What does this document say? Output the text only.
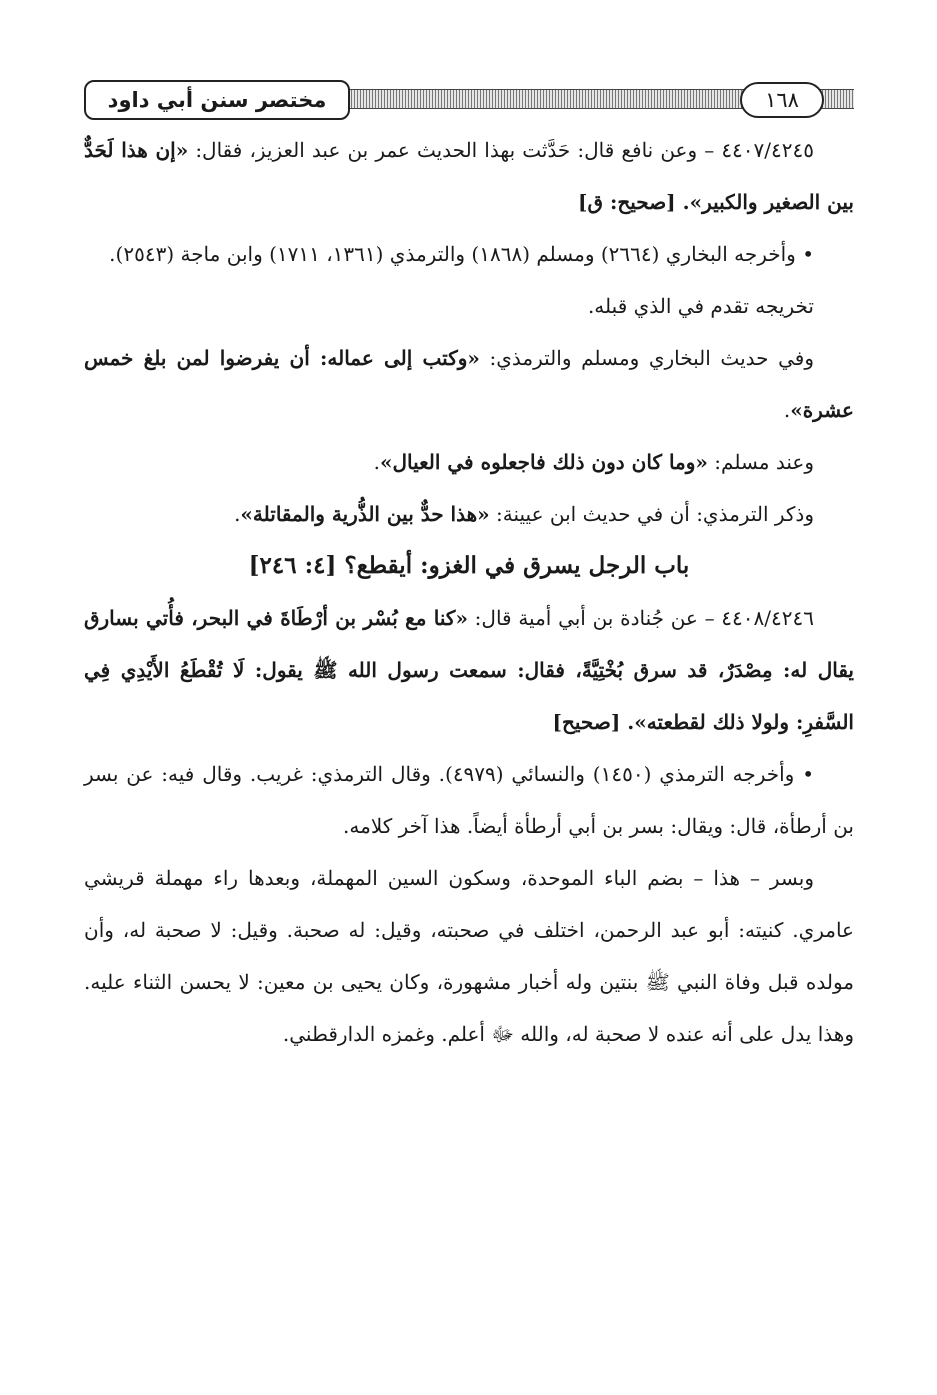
مختصر سنن أبي داود	١٦٨

٤٤٠٧/٤٢٤٥ – وعن نافع قال: حَدَّثت بهذا الحديث عمر بن عبد العزيز، فقال: «إن هذا لَحَدٌّ بين الصغير والكبير». [صحيح: ق]

• وأخرجه البخاري (٢٦٦٤) ومسلم (١٨٦٨) والترمذي (١٣٦١، ١٧١١) وابن ماجة (٢٥٤٣).

تخريجه تقدم في الذي قبله.

وفي حديث البخاري ومسلم والترمذي: «وكتب إلى عماله: أن يفرضوا لمن بلغ خمس عشرة».

وعند مسلم: «وما كان دون ذلك فاجعلوه في العيال».

وذكر الترمذي: أن في حديث ابن عيينة: «هذا حدٌّ بين الذُّرية والمقاتلة».

باب الرجل يسرق في الغزو: أيقطع؟ [٤: ٢٤٦]

٤٤٠٨/٤٢٤٦ – عن جُنادة بن أبي أمية قال: «كنا مع بُسْر بن أرْطَاةَ في البحر، فأُتي بسارق يقال له: مِصْدَرٌ، قد سرق بُخْتِيَّةً، فقال: سمعت رسول الله ﷺ يقول: لَا تُقْطَعُ الأَيْدِي فِي السَّفرِ: ولولا ذلك لقطعته». [صحيح]

• وأخرجه الترمذي (١٤٥٠) والنسائي (٤٩٧٩). وقال الترمذي: غريب. وقال فيه: عن بسر بن أرطأة، قال: ويقال: بسر بن أبي أرطأة أيضاً. هذا آخر كلامه.

وبسر – هذا – بضم الباء الموحدة، وسكون السين المهملة، وبعدها راء مهملة قريشي عامري. كنيته: أبو عبد الرحمن، اختلف في صحبته، وقيل: له صحبة. وقيل: لا صحبة له، وأن مولده قبل وفاة النبي ﷺ بنتين وله أخبار مشهورة، وكان يحيى بن معين: لا يحسن الثناء عليه. وهذا يدل على أنه عنده لا صحبة له، والله ﷻ أعلم. وغمزه الدارقطني.
